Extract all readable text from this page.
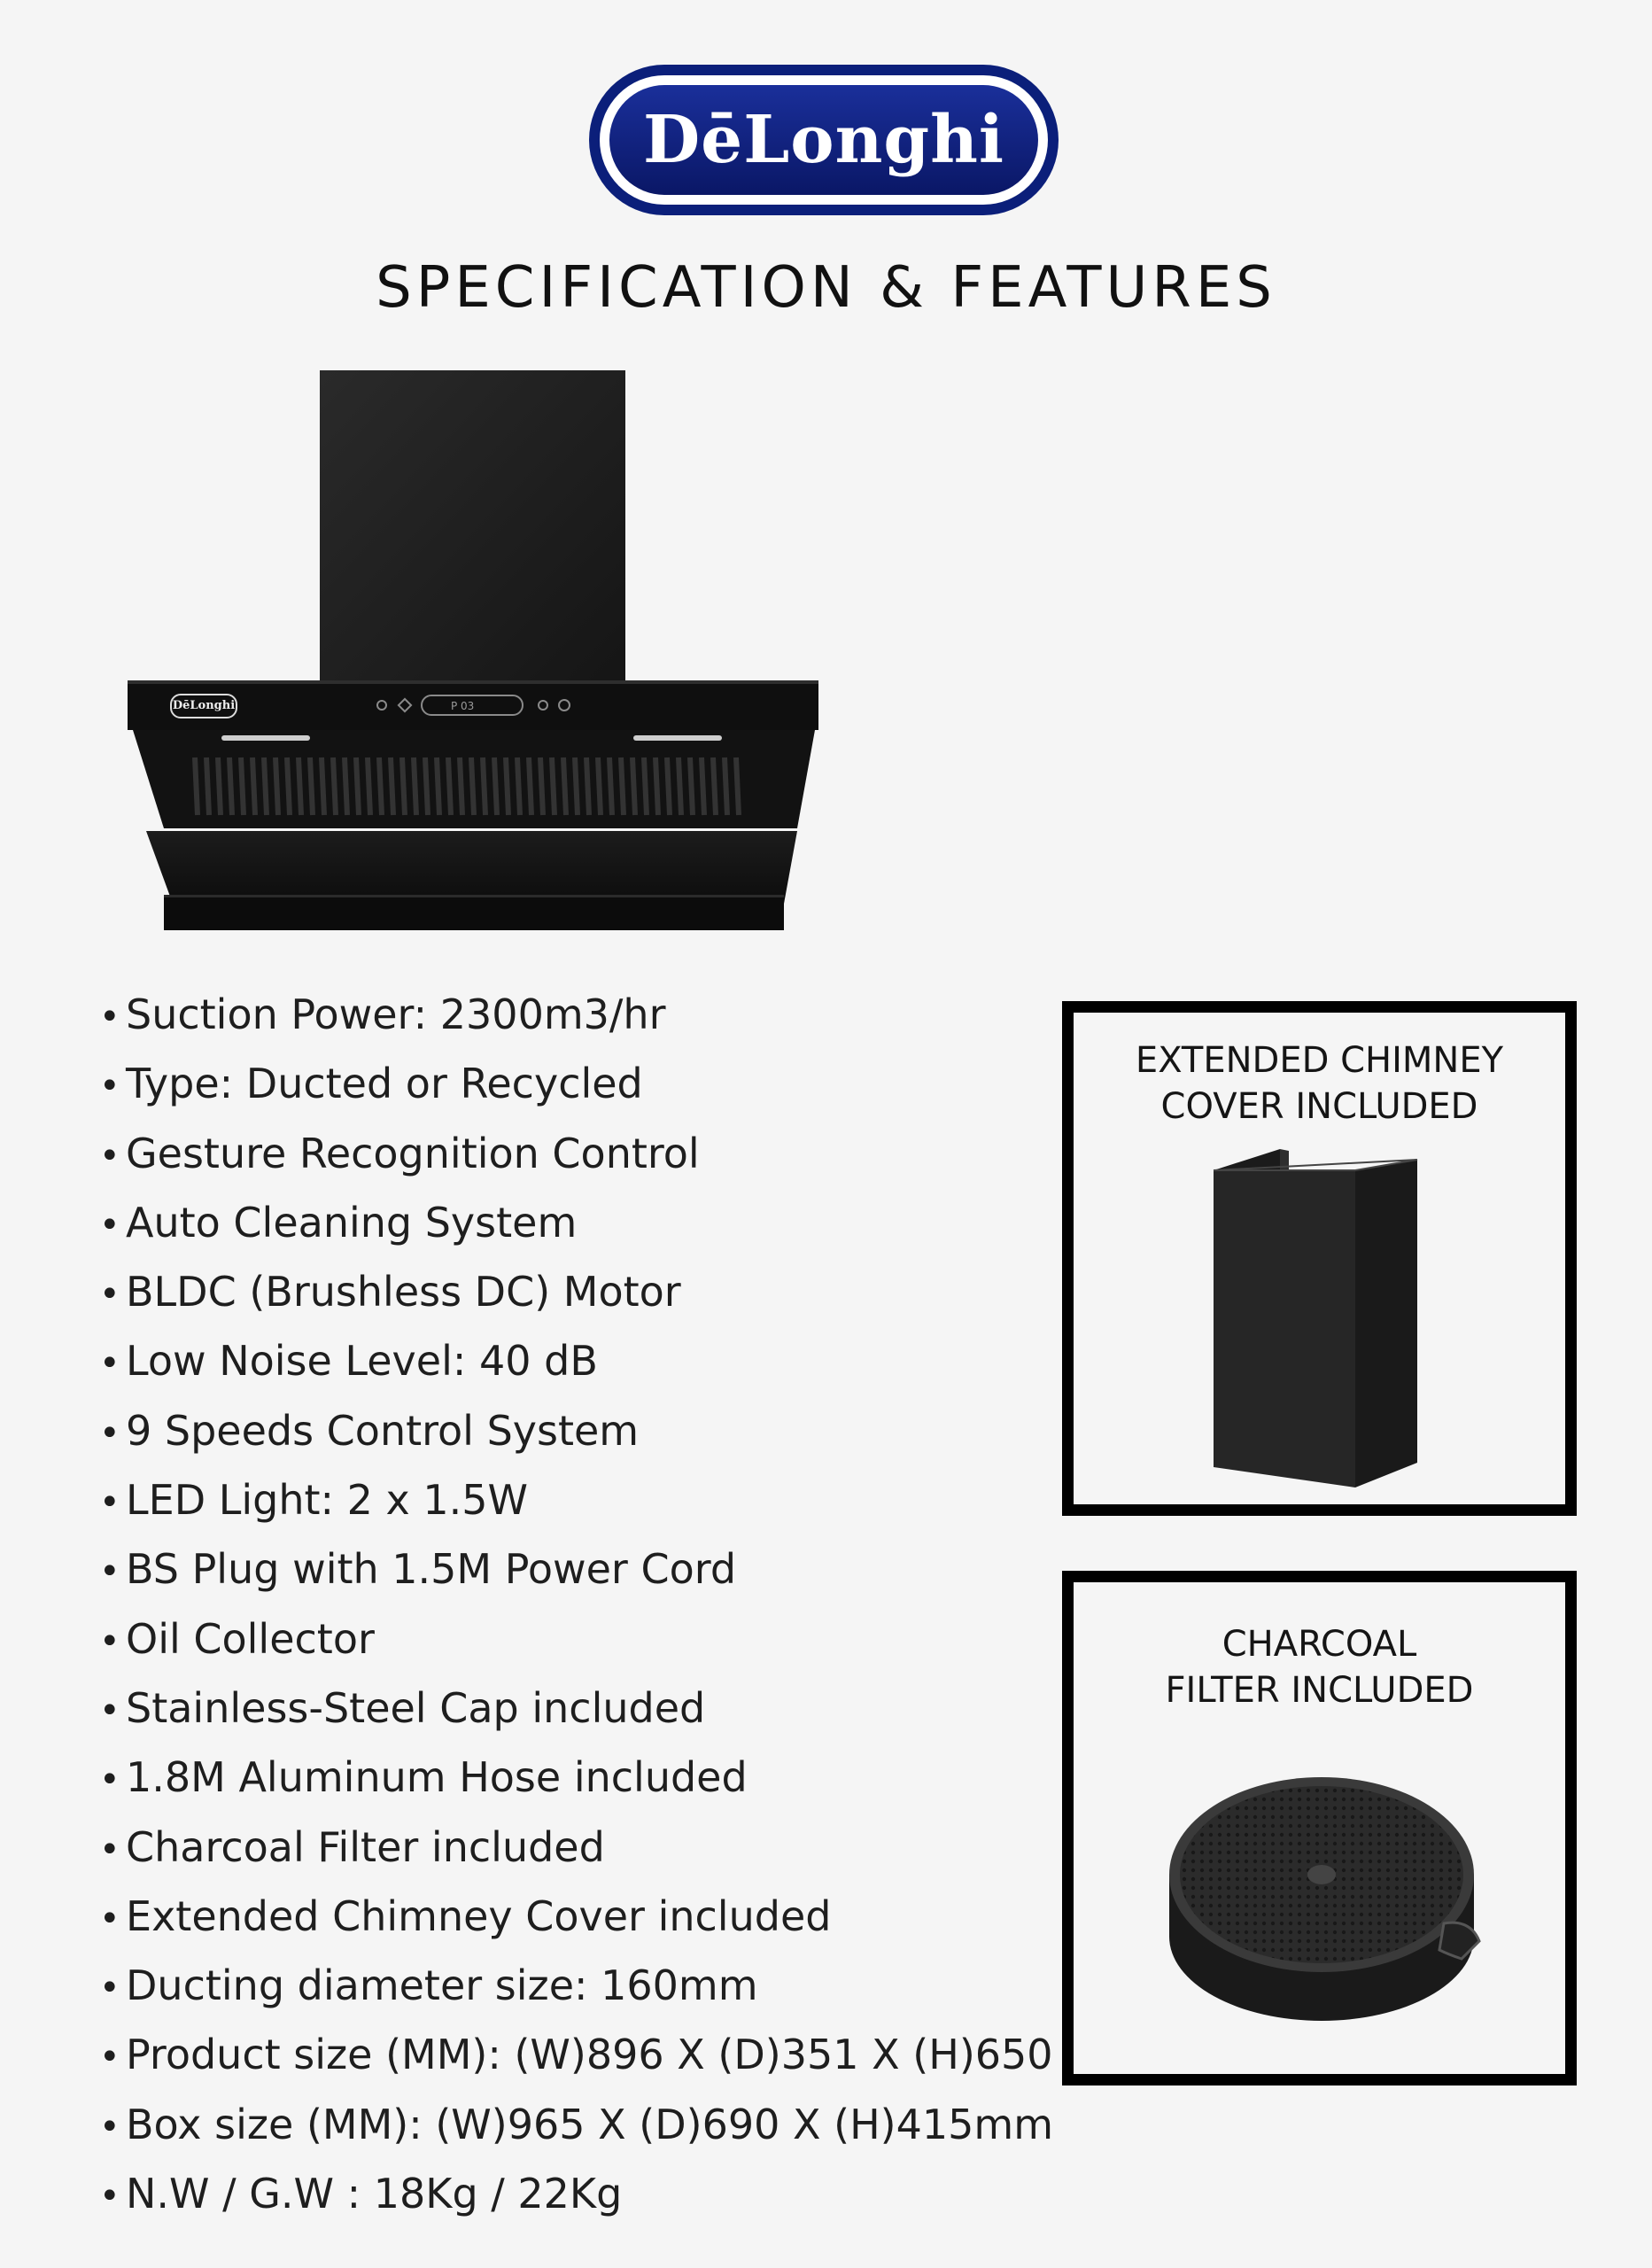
DēLonghi
SPECIFICATION & FEATURES
P 03
DēLonghi
• Suction Power: 2300m3/hr
• Type: Ducted or Recycled
• Gesture Recognition Control
• Auto Cleaning System
• BLDC (Brushless DC) Motor
• Low Noise Level: 40 dB
• 9 Speeds Control System
• LED Light: 2 x 1.5W
• BS Plug with 1.5M Power Cord
• Oil Collector
• Stainless-Steel Cap included
• 1.8M Aluminum Hose included
• Charcoal Filter included
• Extended Chimney Cover included
• Ducting diameter size: 160mm
• Product size (MM): (W)896 X (D)351 X (H)650
• Box size (MM): (W)965 X (D)690 X (H)415mm
• N.W / G.W : 18Kg / 22Kg
EXTENDED CHIMNEY
COVER INCLUDED
CHARCOAL
FILTER INCLUDED
